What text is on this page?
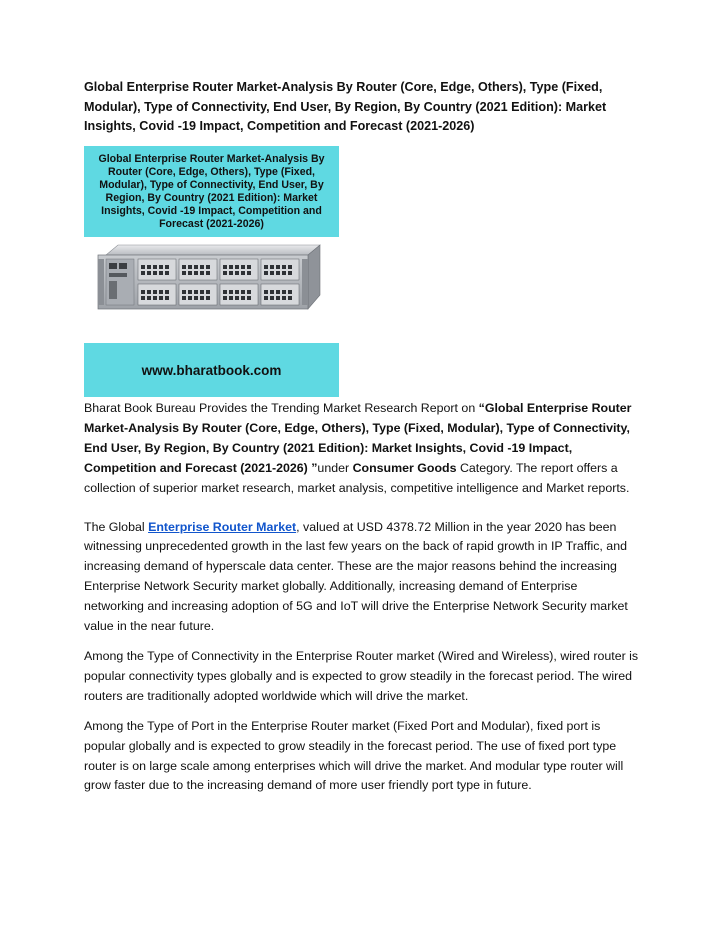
Global Enterprise Router Market-Analysis By Router (Core, Edge, Others), Type (Fixed, Modular), Type of Connectivity, End User, By Region, By Country (2021 Edition): Market Insights, Covid -19 Impact, Competition and Forecast (2021-2026)

Global Enterprise Router Market-Analysis By Router (Core, Edge, Others), Type (Fixed, Modular), Type of Connectivity, End User, By Region, By Country (2021 Edition): Market Insights, Covid -19 Impact, Competition and Forecast (2021-2026)
www.bharatbook.com

Bharat Book Bureau Provides the Trending Market Research Report on “Global Enterprise Router Market-Analysis By Router (Core, Edge, Others), Type (Fixed, Modular), Type of Connectivity, End User, By Region, By Country (2021 Edition): Market Insights, Covid -19 Impact, Competition and Forecast (2021-2026) ”under Consumer Goods Category. The report offers a collection of superior market research, market analysis, competitive intelligence and Market reports.

The Global Enterprise Router Market, valued at USD 4378.72 Million in the year 2020 has been witnessing unprecedented growth in the last few years on the back of rapid growth in IP Traffic, and increasing demand of hyperscale data center. These are the major reasons behind the increasing Enterprise Network Security market globally. Additionally, increasing demand of Enterprise networking and increasing adoption of 5G and IoT will drive the Enterprise Network Security market value in the near future.

Among the Type of Connectivity in the Enterprise Router market (Wired and Wireless), wired router is popular connectivity types globally and is expected to grow steadily in the forecast period. The wired routers are traditionally adopted worldwide which will drive the market.

Among the Type of Port in the Enterprise Router market (Fixed Port and Modular), fixed port is popular globally and is expected to grow steadily in the forecast period. The use of fixed port type router is on large scale among enterprises which will drive the market. And modular type router will grow faster due to the increasing demand of more user friendly port type in future.
